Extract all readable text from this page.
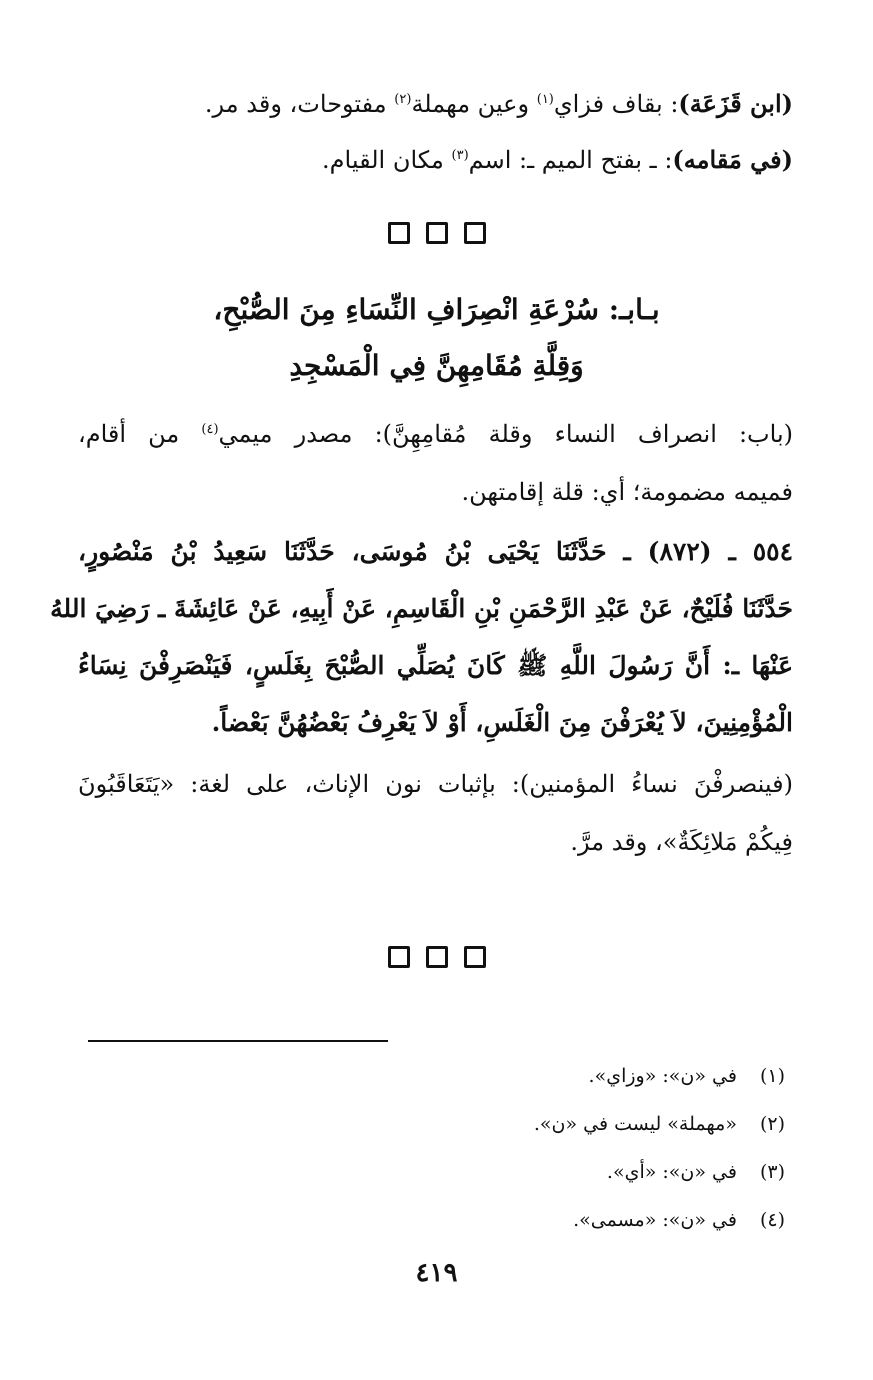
(ابن قَزَعَة): بقاف فزاي$^{(١)}$ وعين مهملة$^{(٢)}$ مفتوحات، وقد مر.
(في مَقامه): ـ بفتح الميم ـ: اسم$^{(٣)}$ مكان القيام.
بـابـ: سُرْعَةِ انْصِرَافِ النِّسَاءِ مِنَ الصُّبْحِ،
وَقِلَّةِ مُقَامِهِنَّ فِي الْمَسْجِدِ
(باب: انصراف النساء وقلة مُقامِهِنَّ): مصدر ميمي$^{(٤)}$ من أقام،
فميمه مضمومة؛ أي: قلة إقامتهن.
٥٥٤ ـ (٨٧٢) ـ حَدَّثَنَا يَحْيَى بْنُ مُوسَى، حَدَّثَنَا سَعِيدُ بْنُ مَنْصُورٍ،
حَدَّثَنَا فُلَيْحٌ، عَنْ عَبْدِ الرَّحْمَنِ بْنِ الْقَاسِمِ، عَنْ أَبِيهِ، عَنْ عَائِشَةَ ـ رَضِيَ اللهُ
عَنْهَا ـ: أَنَّ رَسُولَ اللَّهِ ﷺ كَانَ يُصَلِّي الصُّبْحَ بِغَلَسٍ، فَيَنْصَرِفْنَ نِسَاءُ
الْمُؤْمِنِينَ، لاَ يُعْرَفْنَ مِنَ الْغَلَسِ، أَوْ لاَ يَعْرِفُ بَعْضُهُنَّ بَعْضاً.
(فينصرفْنَ نساءُ المؤمنين): بإثبات نون الإناث، على لغة: «يَتَعَاقَبُونَ
فِيكُمْ مَلائِكَةٌ»، وقد مرَّ.
(١) في «ن»: «وزاي».
(٢) «مهملة» ليست في «ن».
(٣) في «ن»: «أي».
(٤) في «ن»: «مسمى».
٤١٩
